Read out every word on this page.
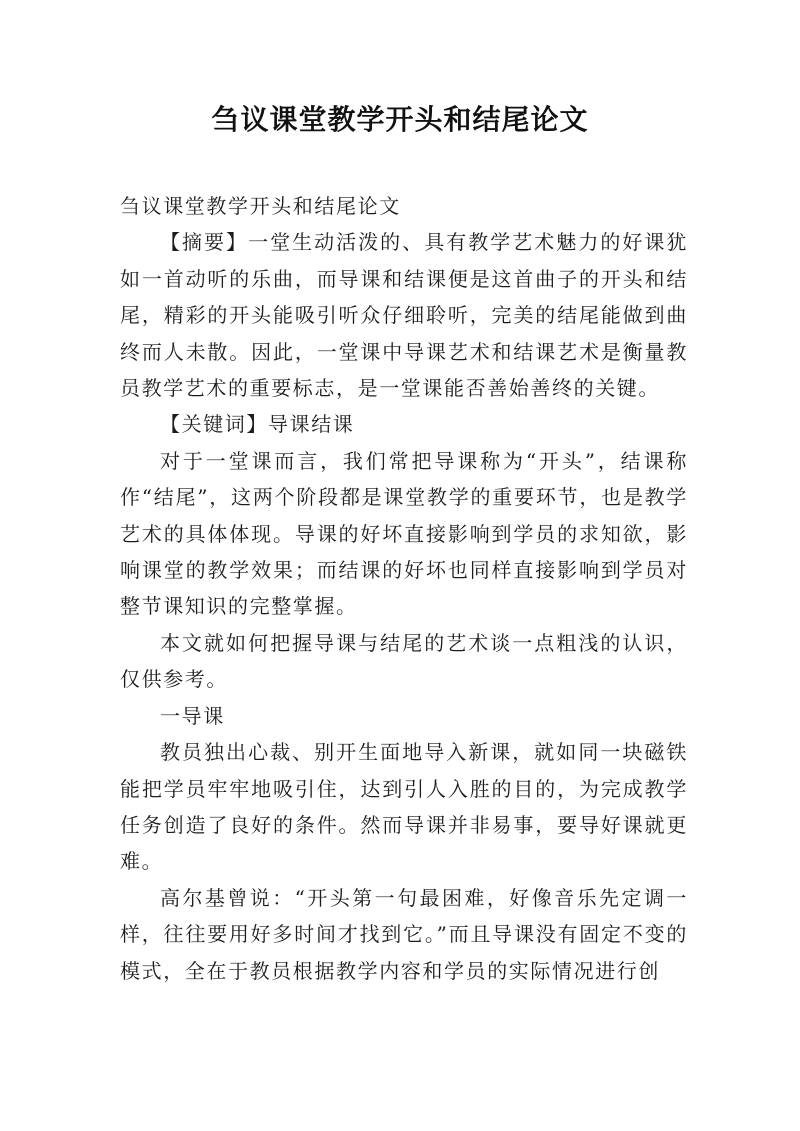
刍议课堂教学开头和结尾论文

刍议课堂教学开头和结尾论文

【摘要】一堂生动活泼的、具有教学艺术魅力的好课犹如一首动听的乐曲，而导课和结课便是这首曲子的开头和结尾，精彩的开头能吸引听众仔细聆听，完美的结尾能做到曲终而人未散。因此，一堂课中导课艺术和结课艺术是衡量教员教学艺术的重要标志，是一堂课能否善始善终的关键。

【关键词】导课结课

对于一堂课而言，我们常把导课称为“开头”，结课称作“结尾”，这两个阶段都是课堂教学的重要环节，也是教学艺术的具体体现。导课的好坏直接影响到学员的求知欲，影响课堂的教学效果；而结课的好坏也同样直接影响到学员对整节课知识的完整掌握。

本文就如何把握导课与结尾的艺术谈一点粗浅的认识，仅供参考。

一导课

教员独出心裁、别开生面地导入新课，就如同一块磁铁能把学员牢牢地吸引住，达到引人入胜的目的，为完成教学任务创造了良好的条件。然而导课并非易事，要导好课就更难。

高尔基曾说：“开头第一句最困难，好像音乐先定调一样，往往要用好多时间才找到它。”而且导课没有固定不变的模式，全在于教员根据教学内容和学员的实际情况进行创
